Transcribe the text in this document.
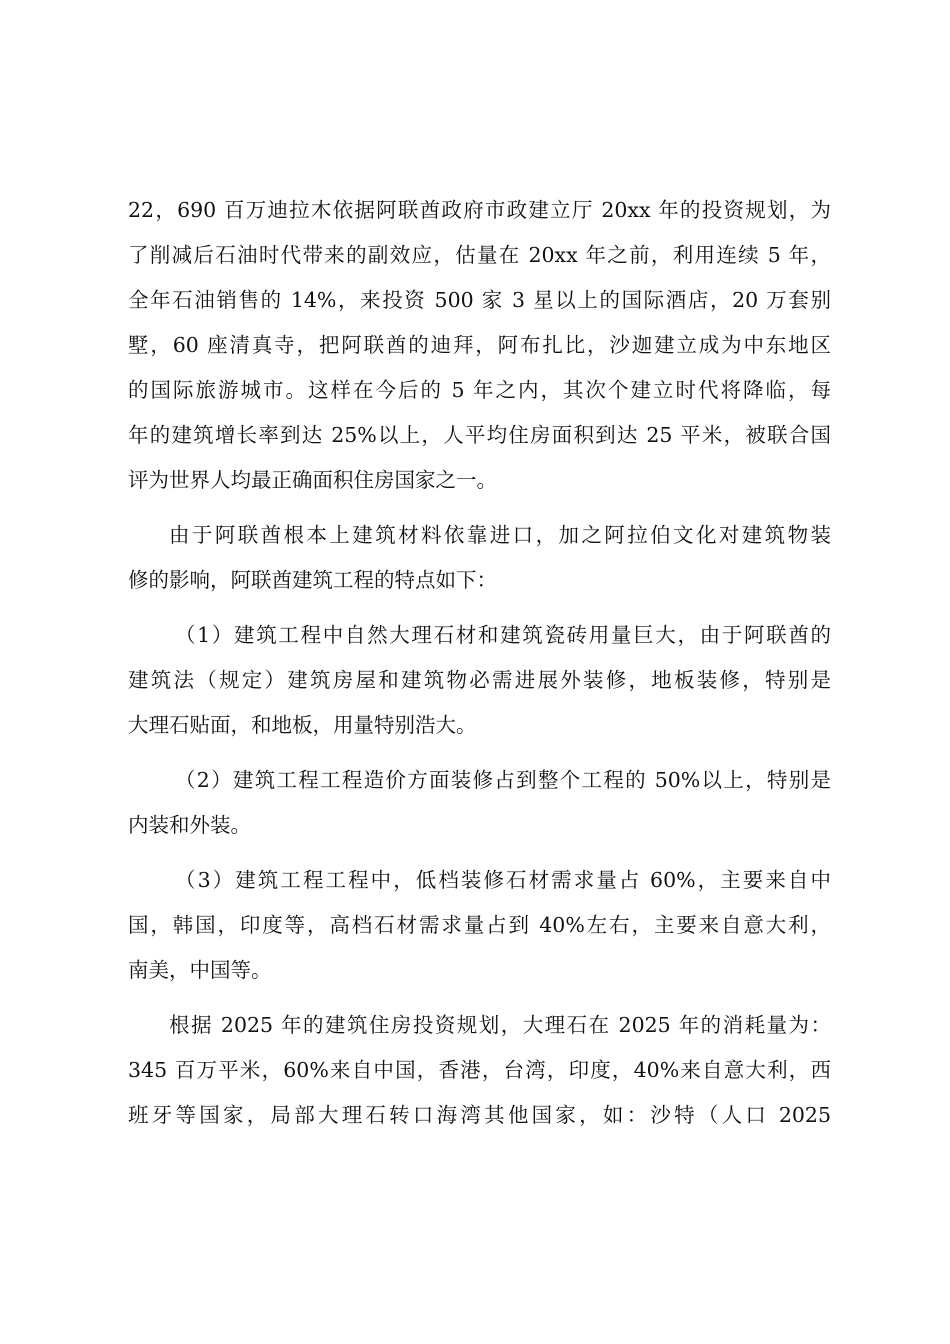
22，690 百万迪拉木依据阿联酋政府市政建立厅 20xx 年的投资规划，为
了削减后石油时代带来的副效应，估量在 20xx 年之前，利用连续 5 年，
全年石油销售的 14%，来投资 500 家 3 星以上的国际酒店，20 万套别
墅，60 座清真寺，把阿联酋的迪拜，阿布扎比，沙迦建立成为中东地区
的国际旅游城市。这样在今后的 5 年之内，其次个建立时代将降临，每
年的建筑增长率到达 25%以上，人平均住房面积到达 25 平米，被联合国
评为世界人均最正确面积住房国家之一。
由于阿联酋根本上建筑材料依靠进口，加之阿拉伯文化对建筑物装
修的影响，阿联酋建筑工程的特点如下：
（1）建筑工程中自然大理石材和建筑瓷砖用量巨大，由于阿联酋的
建筑法（规定）建筑房屋和建筑物必需进展外装修，地板装修，特别是
大理石贴面，和地板，用量特别浩大。
（2）建筑工程工程造价方面装修占到整个工程的 50%以上，特别是
内装和外装。
（3）建筑工程工程中，低档装修石材需求量占 60%，主要来自中
国，韩国，印度等，高档石材需求量占到 40%左右，主要来自意大利，
南美，中国等。
根据 2025 年的建筑住房投资规划，大理石在 2025 年的消耗量为：
345 百万平米，60%来自中国，香港，台湾，印度，40%来自意大利，西
班牙等国家，局部大理石转口海湾其他国家，如：沙特（人口 2025
